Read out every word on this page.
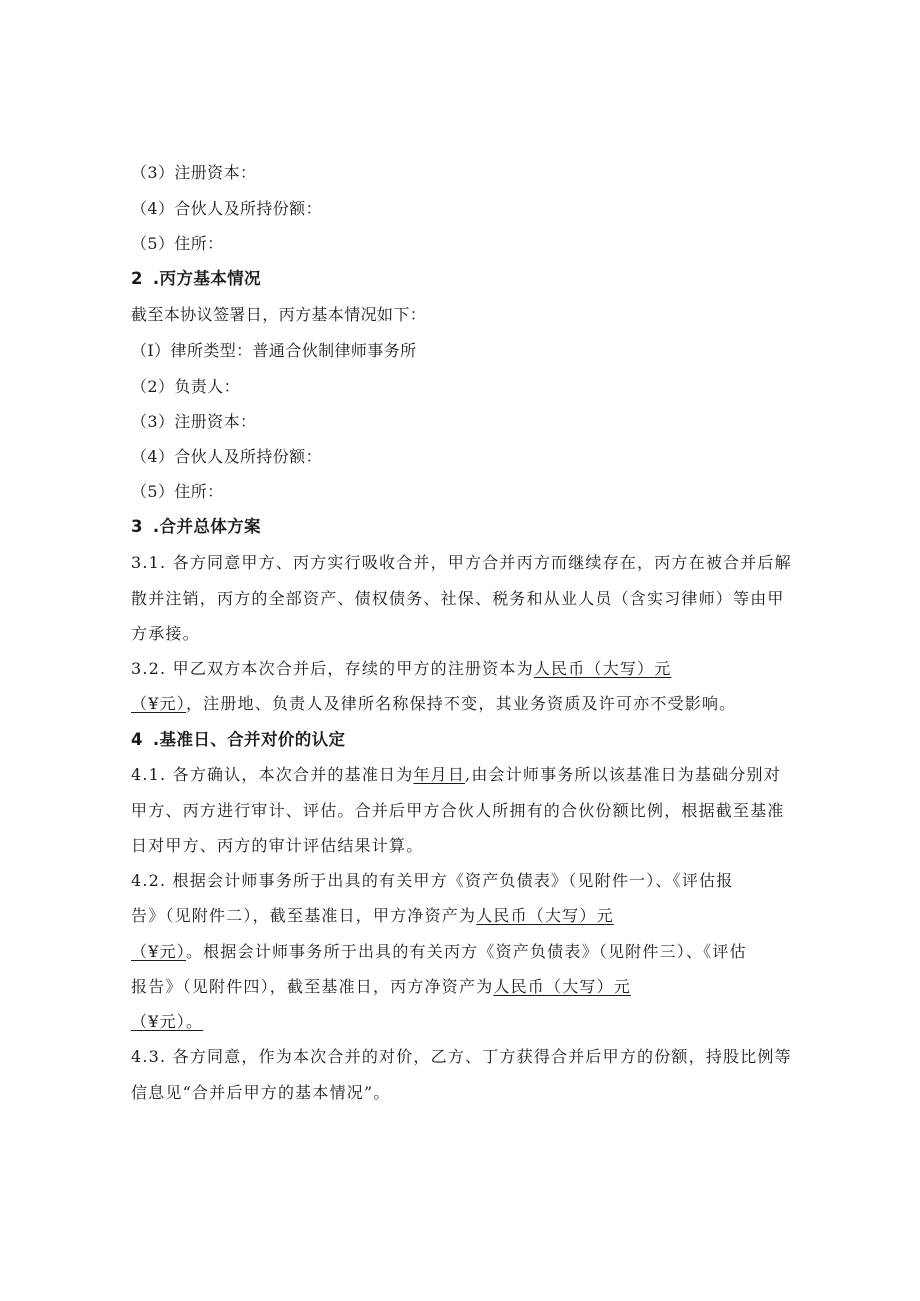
（3）注册资本：
（4）合伙人及所持份额：
（5）住所：
2 .丙方基本情况
截至本协议签署日，丙方基本情况如下：
（I）律所类型：普通合伙制律师事务所
（2）负责人：
（3）注册资本：
（4）合伙人及所持份额：
（5）住所：
3 .合并总体方案
3.1. 各方同意甲方、丙方实行吸收合并，甲方合并丙方而继续存在，丙方在被合并后解
散并注销，丙方的全部资产、债权债务、社保、税务和从业人员（含实习律师）等由甲
方承接。
3.2. 甲乙双方本次合并后，存续的甲方的注册资本为人民币（大写）元
（¥元），注册地、负责人及律所名称保持不变，其业务资质及许可亦不受影响。
4 .基准日、合并对价的认定
4.1. 各方确认，本次合并的基准日为年月日,由会计师事务所以该基准日为基础分别对
甲方、丙方进行审计、评估。合并后甲方合伙人所拥有的合伙份额比例，根据截至基准
日对甲方、丙方的审计评估结果计算。
4.2. 根据会计师事务所于出具的有关甲方《资产负债表》（见附件一）、《评估报
告》（见附件二），截至基准日，甲方净资产为人民币（大写）元
（¥元）。根据会计师事务所于出具的有关丙方《资产负债表》（见附件三）、《评估
报告》（见附件四），截至基准日，丙方净资产为人民币（大写）元
（¥元）。
4.3. 各方同意，作为本次合并的对价，乙方、丁方获得合并后甲方的份额，持股比例等
信息见“合并后甲方的基本情况”。
